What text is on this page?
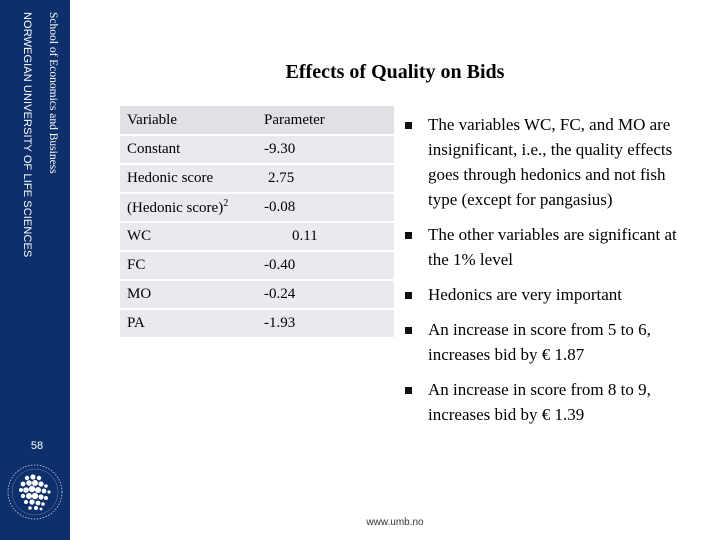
School of Economics and Business
NORWEGIAN UNIVERSITY OF LIFE SCIENCES
58
Effects of Quality on Bids
Variable	Parameter
Constant	-9.30
Hedonic score	2.75
(Hedonic score)$^2$	-0.08
WC	0.11
FC	-0.40
MO	-0.24
PA	-1.93
The variables WC, FC, and MO are insignificant, i.e., the quality effects goes through hedonics and not fish type (except for pangasius)
The other variables are significant at the 1% level
Hedonics are very important
An increase in score from 5 to 6, increases bid by € 1.87
An increase in score from 8 to 9, increases bid by € 1.39
www.umb.no
